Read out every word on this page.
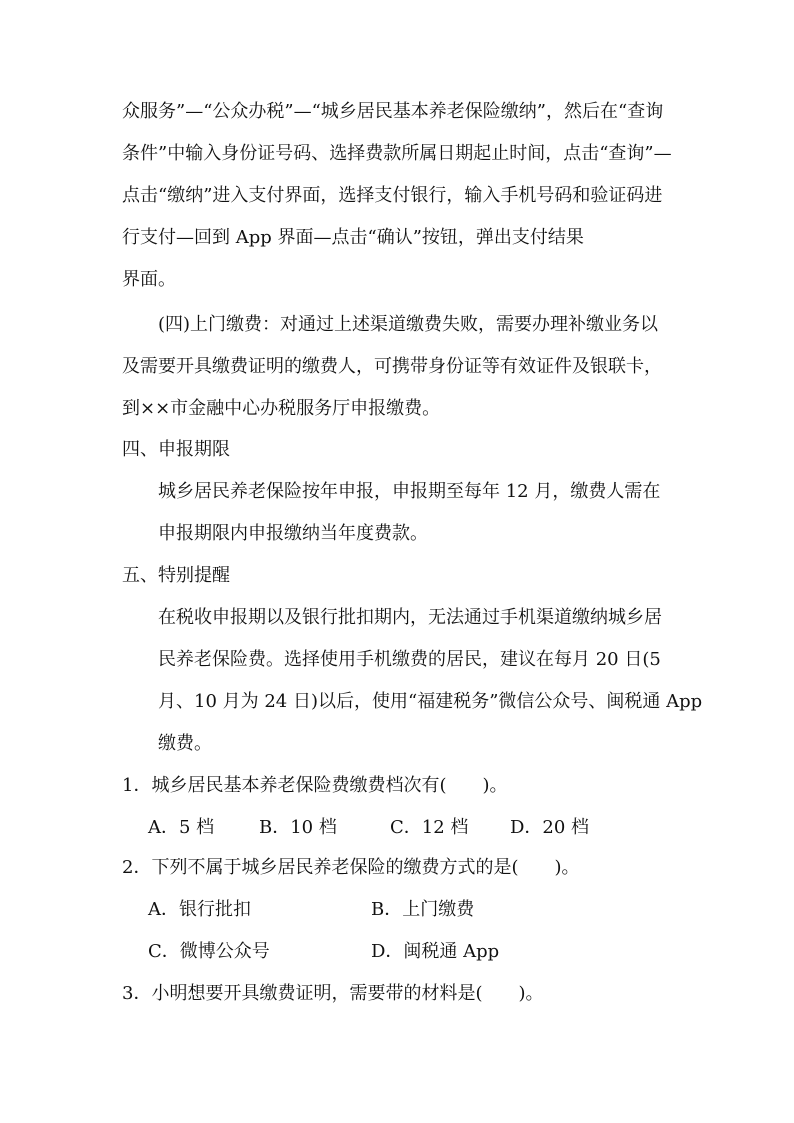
众服务”—“公众办税”—“城乡居民基本养老保险缴纳”，然后在“查询
条件”中输入身份证号码、选择费款所属日期起止时间，点击“查询”—
点击“缴纳”进入支付界面，选择支付银行，输入手机号码和验证码进
行支付—回到 App 界面—点击“确认”按钮，弹出支付结果
界面。
(四)上门缴费：对通过上述渠道缴费失败，需要办理补缴业务以
及需要开具缴费证明的缴费人，可携带身份证等有效证件及银联卡，
到××市金融中心办税服务厅申报缴费。
四、申报期限
城乡居民养老保险按年申报，申报期至每年 12 月，缴费人需在
申报期限内申报缴纳当年度费款。
五、特别提醒
在税收申报期以及银行批扣期内，无法通过手机渠道缴纳城乡居
民养老保险费。选择使用手机缴费的居民，建议在每月 20 日(5
月、10 月为 24 日)以后，使用“福建税务”微信公众号、闽税通 App
缴费。
1．城乡居民基本养老保险费缴费档次有(　　)。
A．5 档 B．10 档	C．12 档 D．20 档
2．下列不属于城乡居民养老保险的缴费方式的是(　　)。
A．银行批扣	B．上门缴费
C．微博公众号	D．闽税通 App
3．小明想要开具缴费证明，需要带的材料是(　　)。
